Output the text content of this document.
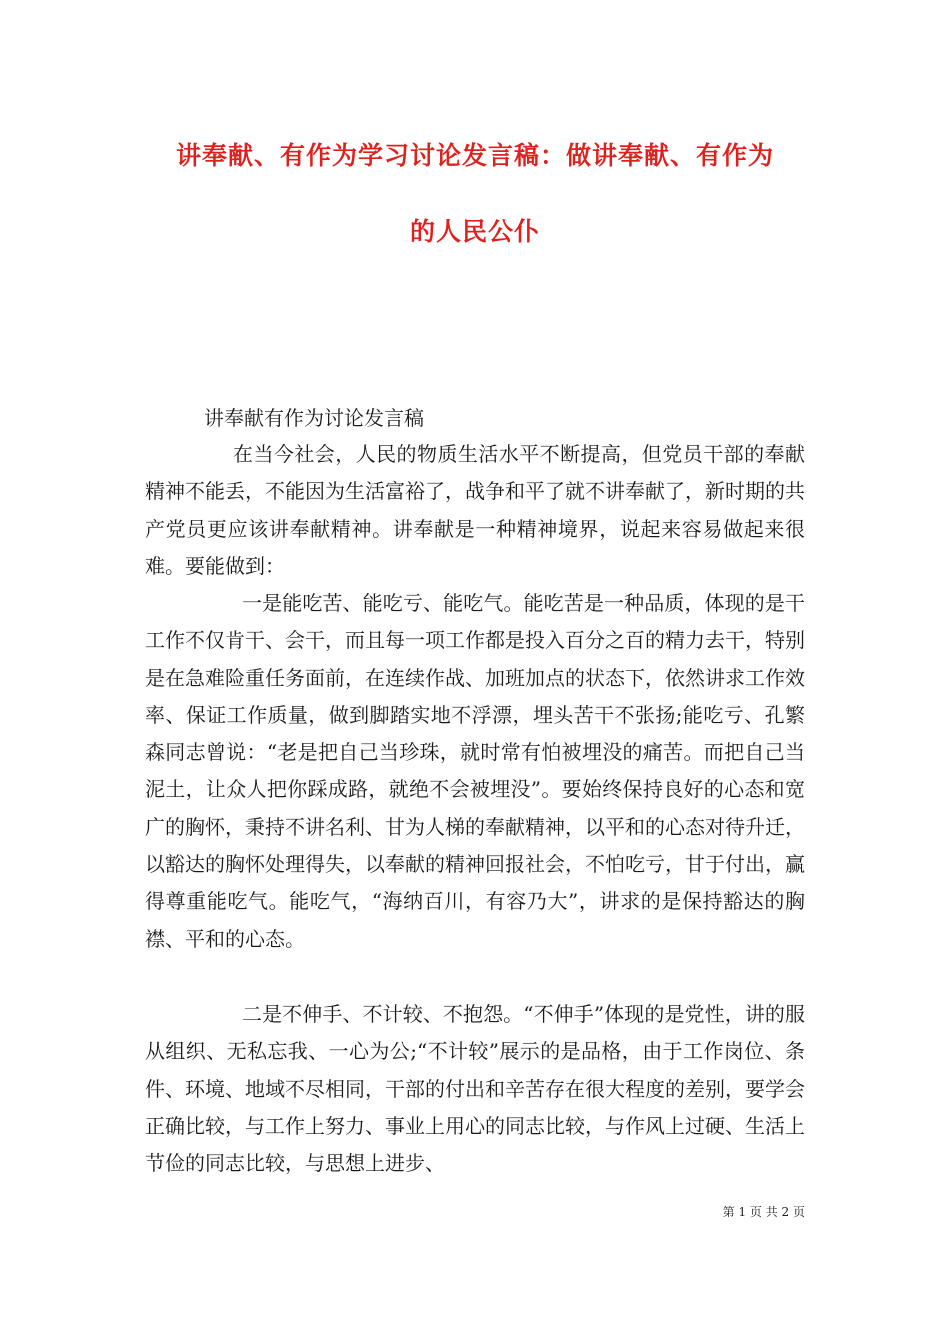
讲奉献、有作为学习讨论发言稿：做讲奉献、有作为
的人民公仆
讲奉献有作为讨论发言稿

在当今社会，人民的物质生活水平不断提高，但党员干部的奉献精神不能丢，不能因为生活富裕了，战争和平了就不讲奉献了，新时期的共产党员更应该讲奉献精神。讲奉献是一种精神境界，说起来容易做起来很难。要能做到：

一是能吃苦、能吃亏、能吃气。能吃苦是一种品质，体现的是干工作不仅肯干、会干，而且每一项工作都是投入百分之百的精力去干，特别是在急难险重任务面前，在连续作战、加班加点的状态下，依然讲求工作效率、保证工作质量，做到脚踏实地不浮漂，埋头苦干不张扬;能吃亏、孔繁森同志曾说：“老是把自己当珍珠，就时常有怕被埋没的痛苦。而把自己当泥土，让众人把你踩成路，就绝不会被埋没”。要始终保持良好的心态和宽广的胸怀，秉持不讲名利、甘为人梯的奉献精神，以平和的心态对待升迁，以豁达的胸怀处理得失，以奉献的精神回报社会，不怕吃亏，甘于付出，赢得尊重能吃气。能吃气，“海纳百川，有容乃大”，讲求的是保持豁达的胸襟、平和的心态。

二是不伸手、不计较、不抱怨。“不伸手”体现的是党性，讲的服从组织、无私忘我、一心为公;“不计较”展示的是品格，由于工作岗位、条件、环境、地域不尽相同，干部的付出和辛苦存在很大程度的差别，要学会正确比较，与工作上努力、事业上用心的同志比较，与作风上过硬、生活上节俭的同志比较，与思想上进步、

第 1 页 共 2 页
